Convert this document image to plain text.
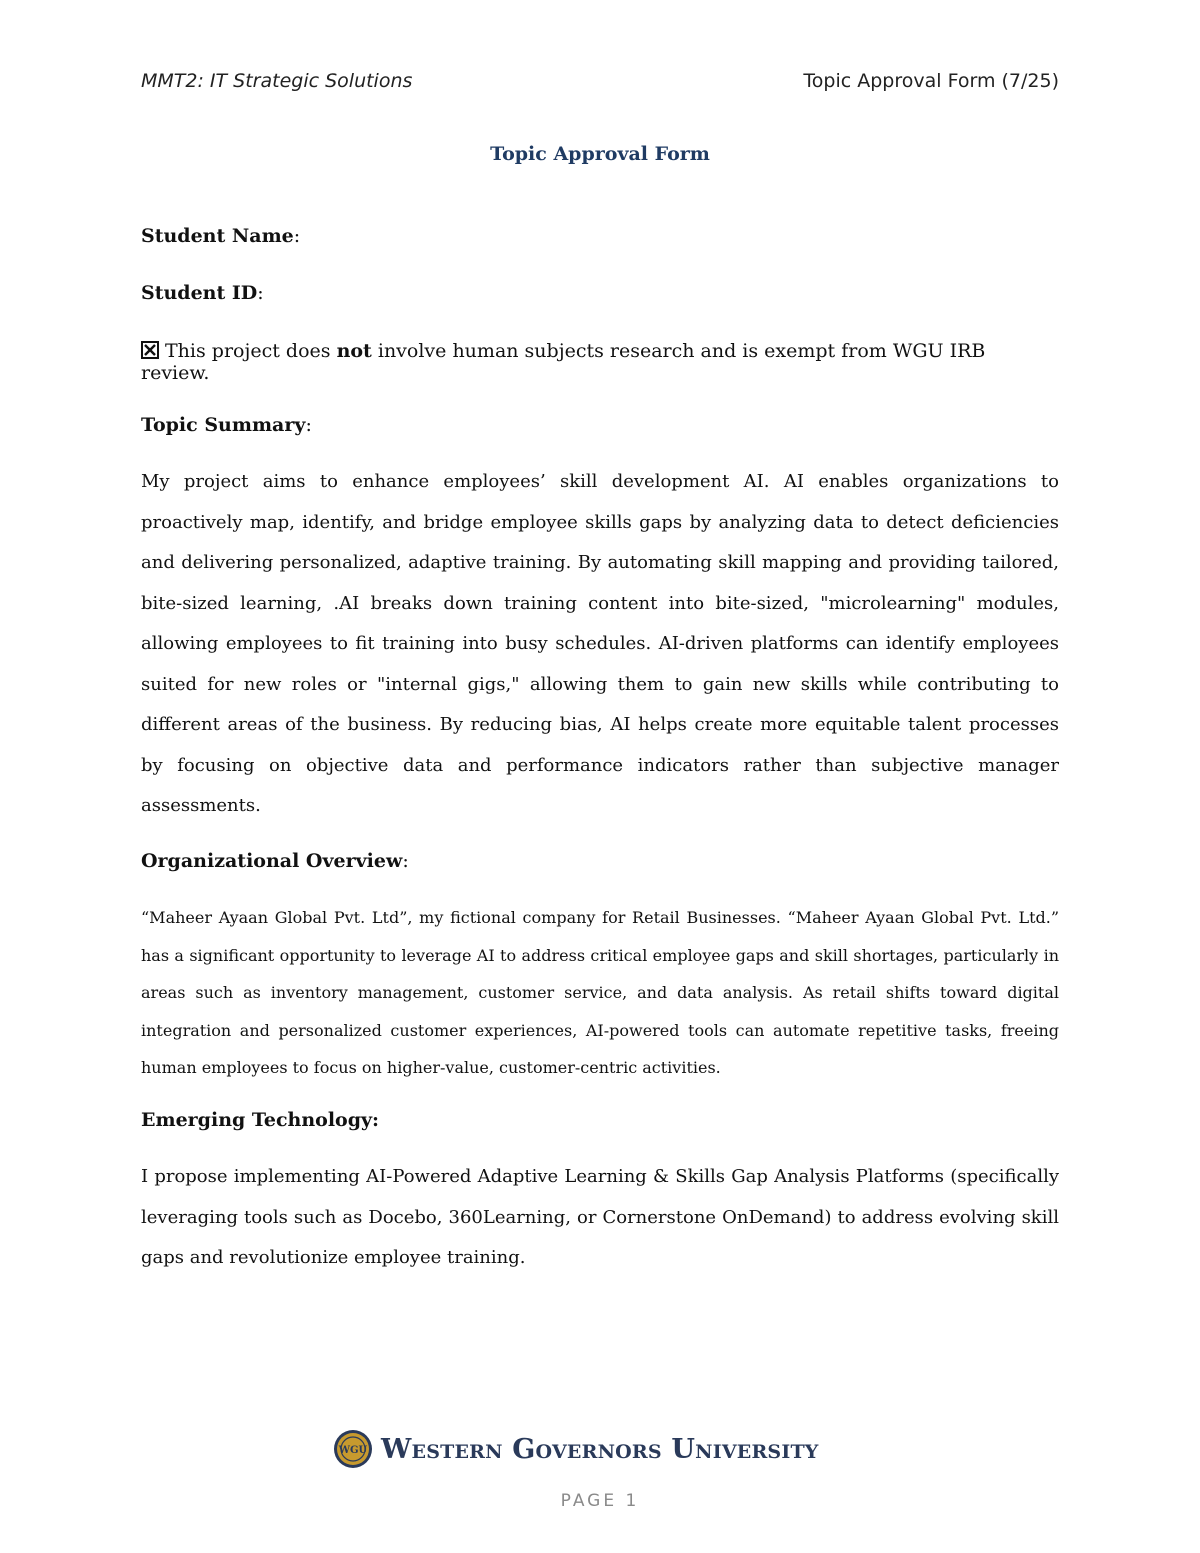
MMT2: IT Strategic Solutions	Topic Approval Form (7/25)
Topic Approval Form
Student Name:
Student ID:
This project does not involve human subjects research and is exempt from WGU IRB review.
Topic Summary:

My project aims to enhance employees’ skill development AI. AI enables organizations to proactively map, identify, and bridge employee skills gaps by analyzing data to detect deficiencies and delivering personalized, adaptive training. By automating skill mapping and providing tailored, bite-sized learning, .AI breaks down training content into bite-sized, "microlearning" modules, allowing employees to fit training into busy schedules. AI-driven platforms can identify employees suited for new roles or "internal gigs," allowing them to gain new skills while contributing to different areas of the business. By reducing bias, AI helps create more equitable talent processes by focusing on objective data and performance indicators rather than subjective manager assessments.

Organizational Overview:

“Maheer Ayaan Global Pvt. Ltd”, my fictional company for Retail Businesses. “Maheer Ayaan Global Pvt. Ltd.” has a significant opportunity to leverage AI to address critical employee gaps and skill shortages, particularly in areas such as inventory management, customer service, and data analysis. As retail shifts toward digital integration and personalized customer experiences, AI-powered tools can automate repetitive tasks, freeing human employees to focus on higher-value, customer-centric activities.

Emerging Technology:

I propose implementing AI-Powered Adaptive Learning & Skills Gap Analysis Platforms (specifically leveraging tools such as Docebo, 360Learning, or Cornerstone OnDemand) to address evolving skill gaps and revolutionize employee training.

WGU Western Governors University
PAGE 1
